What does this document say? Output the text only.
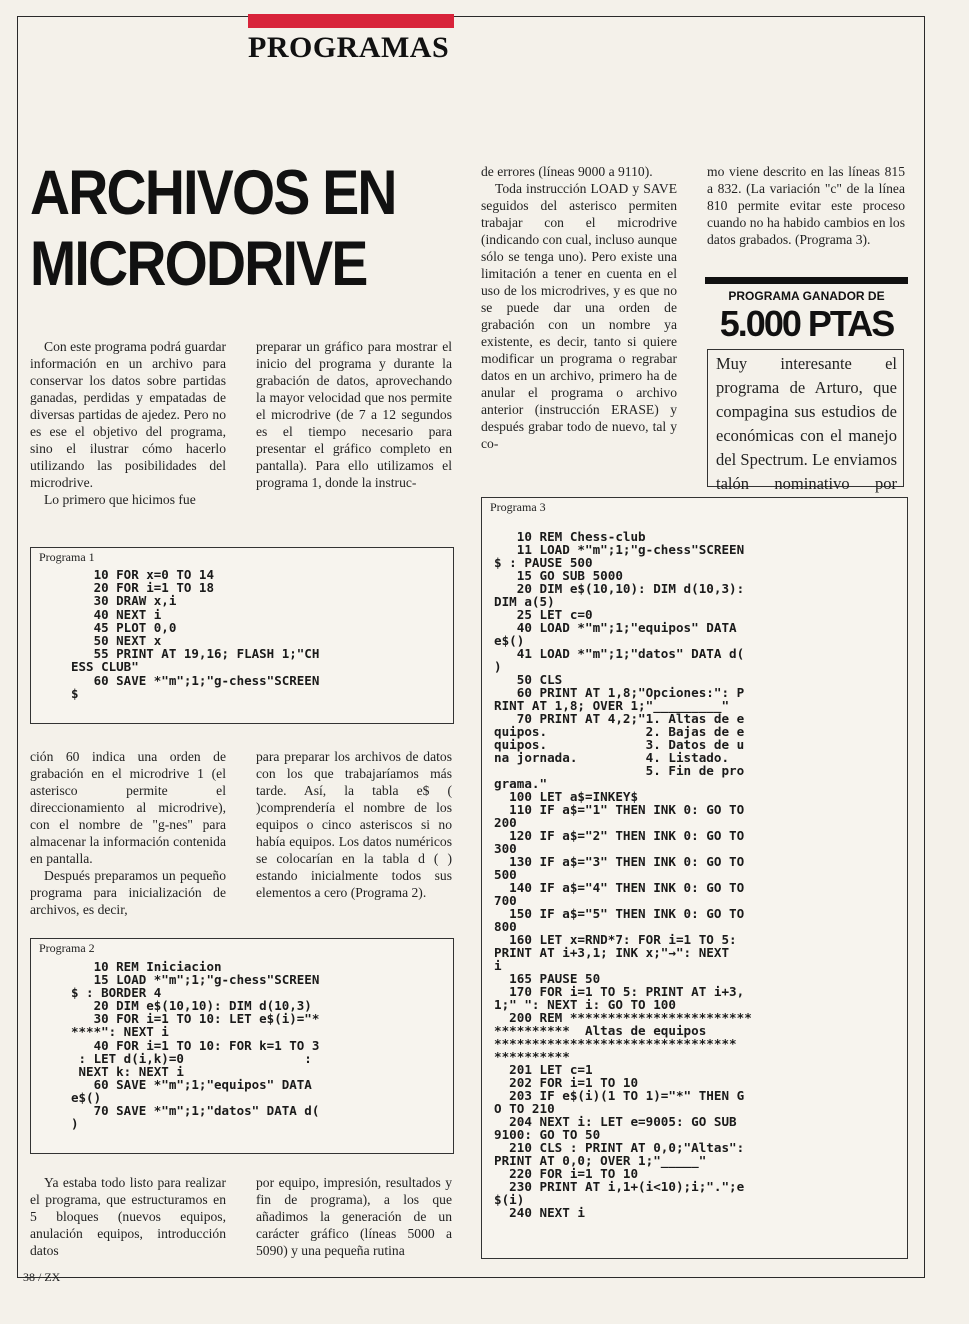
PROGRAMAS
ARCHIVOS EN MICRODRIVE

Con este programa podrá guardar información en un archivo para conservar los datos sobre partidas ganadas, perdidas y empatadas de diversas partidas de ajedez. Pero no es ese el objetivo del programa, sino el ilustrar cómo hacerlo utilizando las posibilidades del microdrive.

Lo primero que hicimos fue

preparar un gráfico para mostrar el inicio del programa y durante la grabación de datos, aprovechando la mayor velocidad que nos permite el microdrive (de 7 a 12 segundos es el tiempo necesario para presentar el gráfico completo en pantalla). Para ello utilizamos el programa 1, donde la instruc-

Programa 1
10 FOR x=0 TO 14
20 FOR i=1 TO 18
30 DRAW x,i
40 NEXT i
45 PLOT 0,0
50 NEXT x
55 PRINT AT 19,16; FLASH 1;"CH
ESS CLUB"
60 SAVE *"m";1;"g-chess"SCREEN
$

ción 60 indica una orden de grabación en el microdrive 1 (el asterisco permite el direccionamiento al microdrive), con el nombre de "g-nes" para almacenar la información contenida en pantalla.

Después preparamos un pequeño programa para inicialización de archivos, es decir,

para preparar los archivos de datos con los que trabajaríamos más tarde. Así, la tabla e$ ( )comprendería el nombre de los equipos o cinco asteriscos si no había equipos. Los datos numéricos se colocarían en la tabla d ( ) estando inicialmente todos sus elementos a cero (Programa 2).

Programa 2
10 REM Iniciacion
15 LOAD *"m";1;"g-chess"SCREEN
$ : BORDER 4
20 DIM e$(10,10): DIM d(10,3)
30 FOR i=1 TO 10: LET e$(i)="*
****": NEXT i
40 FOR i=1 TO 10: FOR k=1 TO 3
: LET d(i,k)=0                :
NEXT k: NEXT i
60 SAVE *"m";1;"equipos" DATA
e$()
70 SAVE *"m";1;"datos" DATA d(
)

Ya estaba todo listo para realizar el programa, que estructuramos en 5 bloques (nuevos equipos, anulación equipos, introducción datos

por equipo, impresión, resultados y fin de programa), a los que añadimos la generación de un carácter gráfico (líneas 5000 a 5090) y una pequeña rutina

de errores (líneas 9000 a 9110).

Toda instrucción LOAD y SAVE seguidos del asterisco permiten trabajar con el microdrive (indicando con cual, incluso aunque sólo se tenga uno). Pero existe una limitación a tener en cuenta en el uso de los microdrives, y es que no se puede dar una orden de grabación con un nombre ya existente, es decir, tanto si quiere modificar un programa o regrabar datos en un archivo, primero ha de anular el programa o archivo anterior (instrucción ERASE) y después grabar todo de nuevo, tal y co-

mo viene descrito en las líneas 815 a 832. (La variación "c" de la línea 810 permite evitar este proceso cuando no ha habido cambios en los datos grabados. (Programa 3).

PROGRAMA GANADOR DE
5.000 PTAS
Muy interesante el programa de Arturo, que compagina sus estudios de económicas con el manejo del Spectrum. Le enviamos talón nominativo por
Programa 3
10 REM Chess-club
11 LOAD *"m";1;"g-chess"SCREEN
$ : PAUSE 500
15 GO SUB 5000
20 DIM e$(10,10): DIM d(10,3):
DIM a(5)
25 LET c=0
40 LOAD *"m";1;"equipos" DATA
e$()
41 LOAD *"m";1;"datos" DATA d(
)
50 CLS
60 PRINT AT 1,8;"Opciones:": P
RINT AT 1,8; OVER 1;"_________"
70 PRINT AT 4,2;"1. Altas de e
quipos.             2. Bajas de e
quipos.             3. Datos de u
na jornada.         4. Listado.
5. Fin de pro
grama."
100 LET a$=INKEY$
110 IF a$="1" THEN INK 0: GO TO
200
120 IF a$="2" THEN INK 0: GO TO
300
130 IF a$="3" THEN INK 0: GO TO
500
140 IF a$="4" THEN INK 0: GO TO
700
150 IF a$="5" THEN INK 0: GO TO
800
160 LET x=RND*7: FOR i=1 TO 5:
PRINT AT i+3,1; INK x;"→": NEXT
i
165 PAUSE 50
170 FOR i=1 TO 5: PRINT AT i+3,
1;" ": NEXT i: GO TO 100
200 REM ************************
**********  Altas de equipos
********************************
**********
201 LET c=1
202 FOR i=1 TO 10
203 IF e$(i)(1 TO 1)="*" THEN G
O TO 210
204 NEXT i: LET e=9005: GO SUB
9100: GO TO 50
210 CLS : PRINT AT 0,0;"Altas":
PRINT AT 0,0; OVER 1;"_____"
220 FOR i=1 TO 10
230 PRINT AT i,1+(i<10);i;".";e
$(i)
240 NEXT i
38 / ZX
